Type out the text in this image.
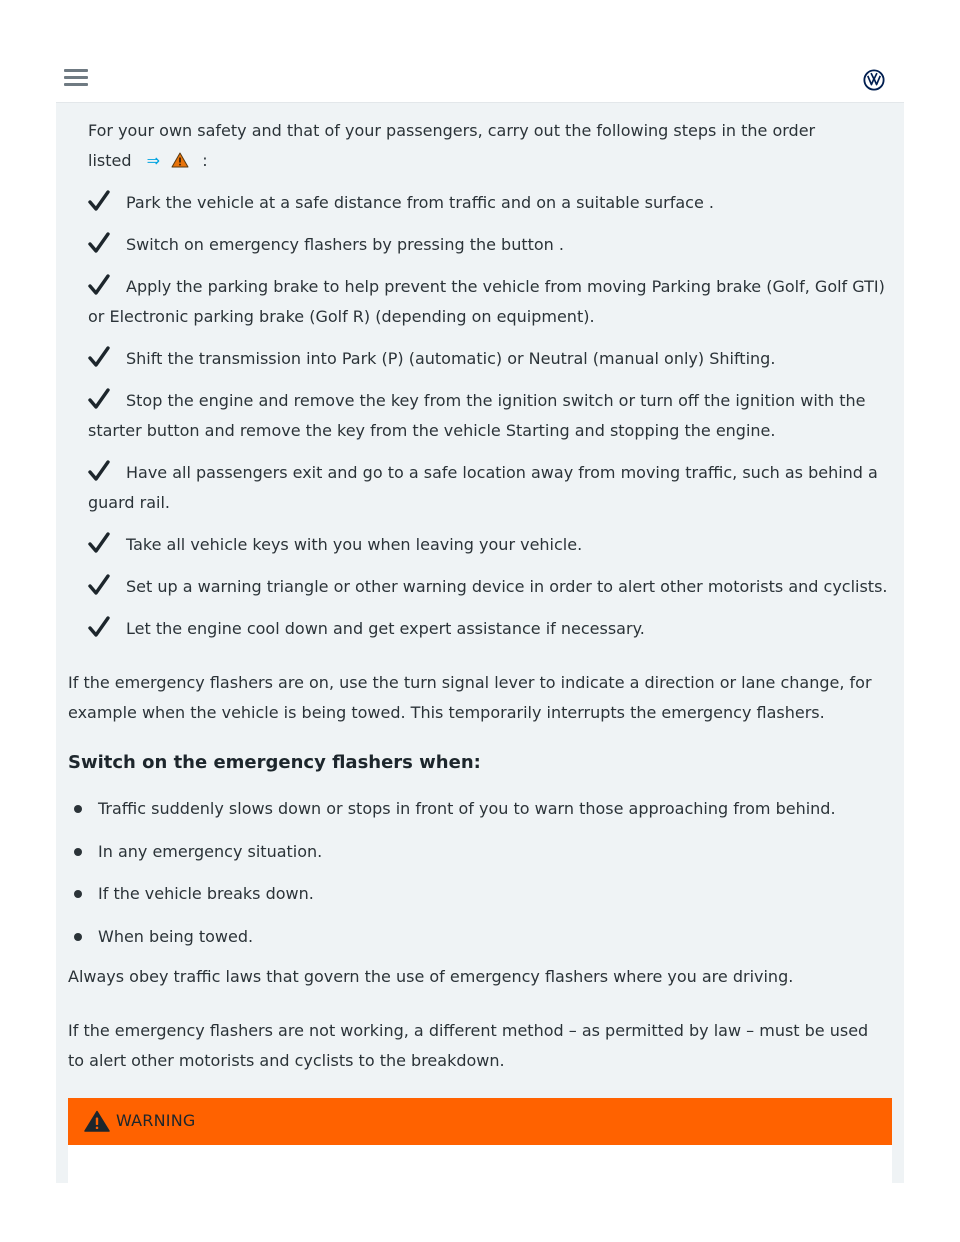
For your own safety and that of your passengers, carry out the following steps in the order
listed ⇒	:
Park the vehicle at a safe distance from traffic and on a suitable surface .
Switch on emergency flashers by pressing the button .
Apply the parking brake to help prevent the vehicle from moving Parking brake (Golf, Golf GTI)
or Electronic parking brake (Golf R) (depending on equipment).
Shift the transmission into Park (P) (automatic) or Neutral (manual only) Shifting.
Stop the engine and remove the key from the ignition switch or turn off the ignition with the
starter button and remove the key from the vehicle Starting and stopping the engine.
Have all passengers exit and go to a safe location away from moving traffic, such as behind a
guard rail.
Take all vehicle keys with you when leaving your vehicle.
Set up a warning triangle or other warning device in order to alert other motorists and cyclists.
Let the engine cool down and get expert assistance if necessary.
If the emergency flashers are on, use the turn signal lever to indicate a direction or lane change, for
example when the vehicle is being towed. This temporarily interrupts the emergency flashers.
Switch on the emergency flashers when:
Traffic suddenly slows down or stops in front of you to warn those approaching from behind.
In any emergency situation.
If the vehicle breaks down.
When being towed.
Always obey traffic laws that govern the use of emergency flashers where you are driving.
If the emergency flashers are not working, a different method – as permitted by law – must be used
to alert other motorists and cyclists to the breakdown.
WARNING
